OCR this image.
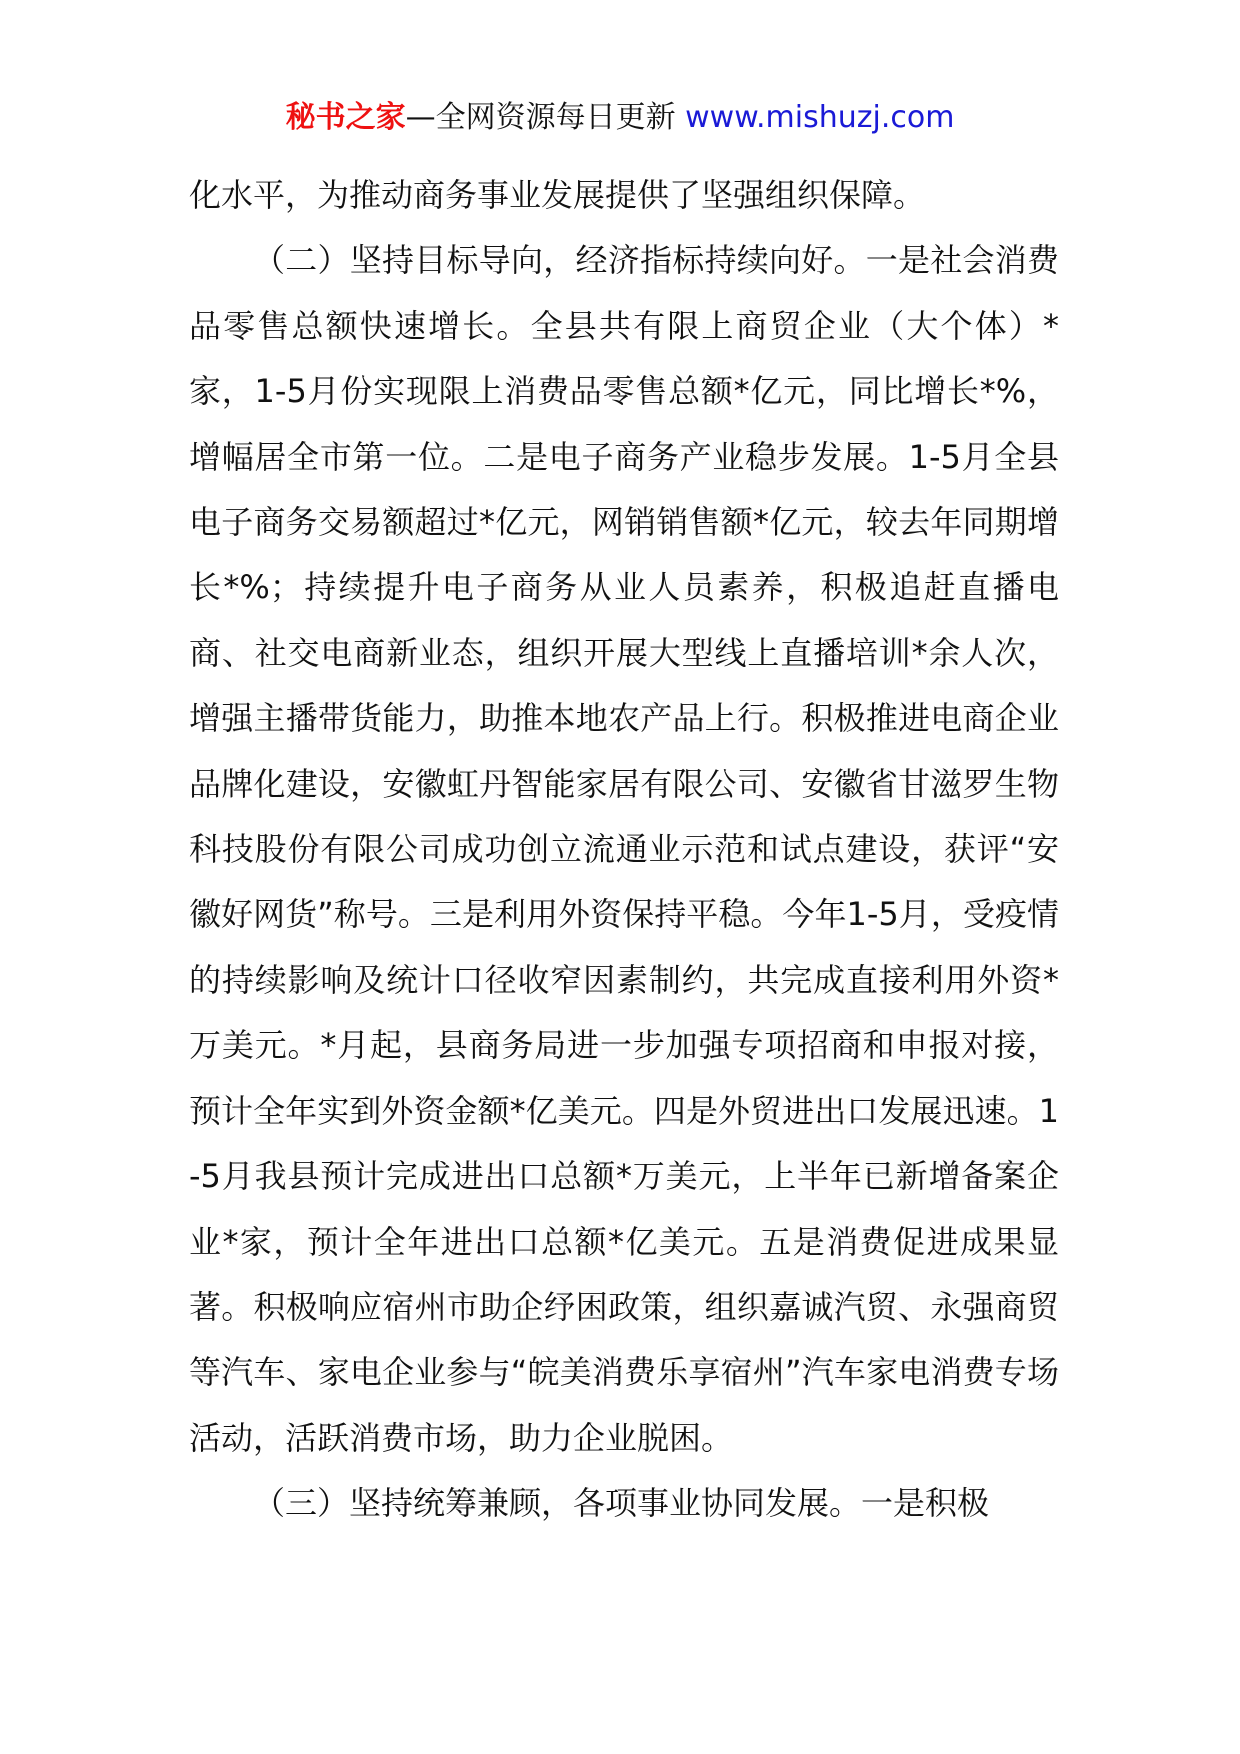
秘书之家—全网资源每日更新 www.mishuzj.com

化水平，为推动商务事业发展提供了坚强组织保障。

（二）坚持目标导向，经济指标持续向好。一是社会消费品零售总额快速增长。全县共有限上商贸企业（大个体）*家，1-5月份实现限上消费品零售总额*亿元，同比增长*%，增幅居全市第一位。二是电子商务产业稳步发展。1-5月全县电子商务交易额超过*亿元，网销销售额*亿元，较去年同期增长*%；持续提升电子商务从业人员素养，积极追赶直播电商、社交电商新业态，组织开展大型线上直播培训*余人次，增强主播带货能力，助推本地农产品上行。积极推进电商企业品牌化建设，安徽虹丹智能家居有限公司、安徽省甘滋罗生物科技股份有限公司成功创立流通业示范和试点建设，获评“安徽好网货”称号。三是利用外资保持平稳。今年1-5月，受疫情的持续影响及统计口径收窄因素制约，共完成直接利用外资*万美元。*月起，县商务局进一步加强专项招商和申报对接，预计全年实到外资金额*亿美元。四是外贸进出口发展迅速。1-5月我县预计完成进出口总额*万美元，上半年已新增备案企业*家，预计全年进出口总额*亿美元。五是消费促进成果显著。积极响应宿州市助企纾困政策，组织嘉诚汽贸、永强商贸等汽车、家电企业参与“皖美消费乐享宿州”汽车家电消费专场活动，活跃消费市场，助力企业脱困。

（三）坚持统筹兼顾，各项事业协同发展。一是积极
